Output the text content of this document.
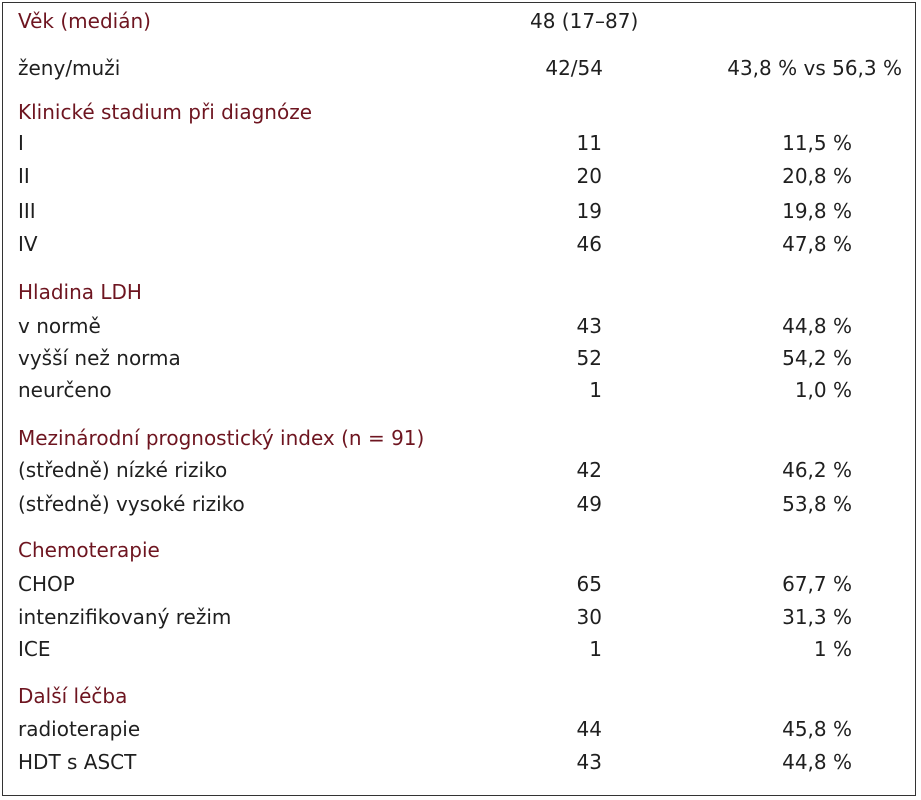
Věk (medián)	48 (17–87)
ženy/muži	42/54	43,8 % vs 56,3 %
Klinické stadium při diagnóze
I	11	11,5 %
II	20	20,8 %
III	19	19,8 %
IV	46	47,8 %
Hladina LDH
v normě	43	44,8 %
vyšší než norma	52	54,2 %
neurčeno	1	1,0 %
Mezinárodní prognostický index (n = 91)
(středně) nízké riziko	42	46,2 %
(středně) vysoké riziko	49	53,8 %
Chemoterapie
CHOP	65	67,7 %
intenzifikovaný režim	30	31,3 %
ICE	1	1 %
Další léčba
radioterapie	44	45,8 %
HDT s ASCT	43	44,8 %
